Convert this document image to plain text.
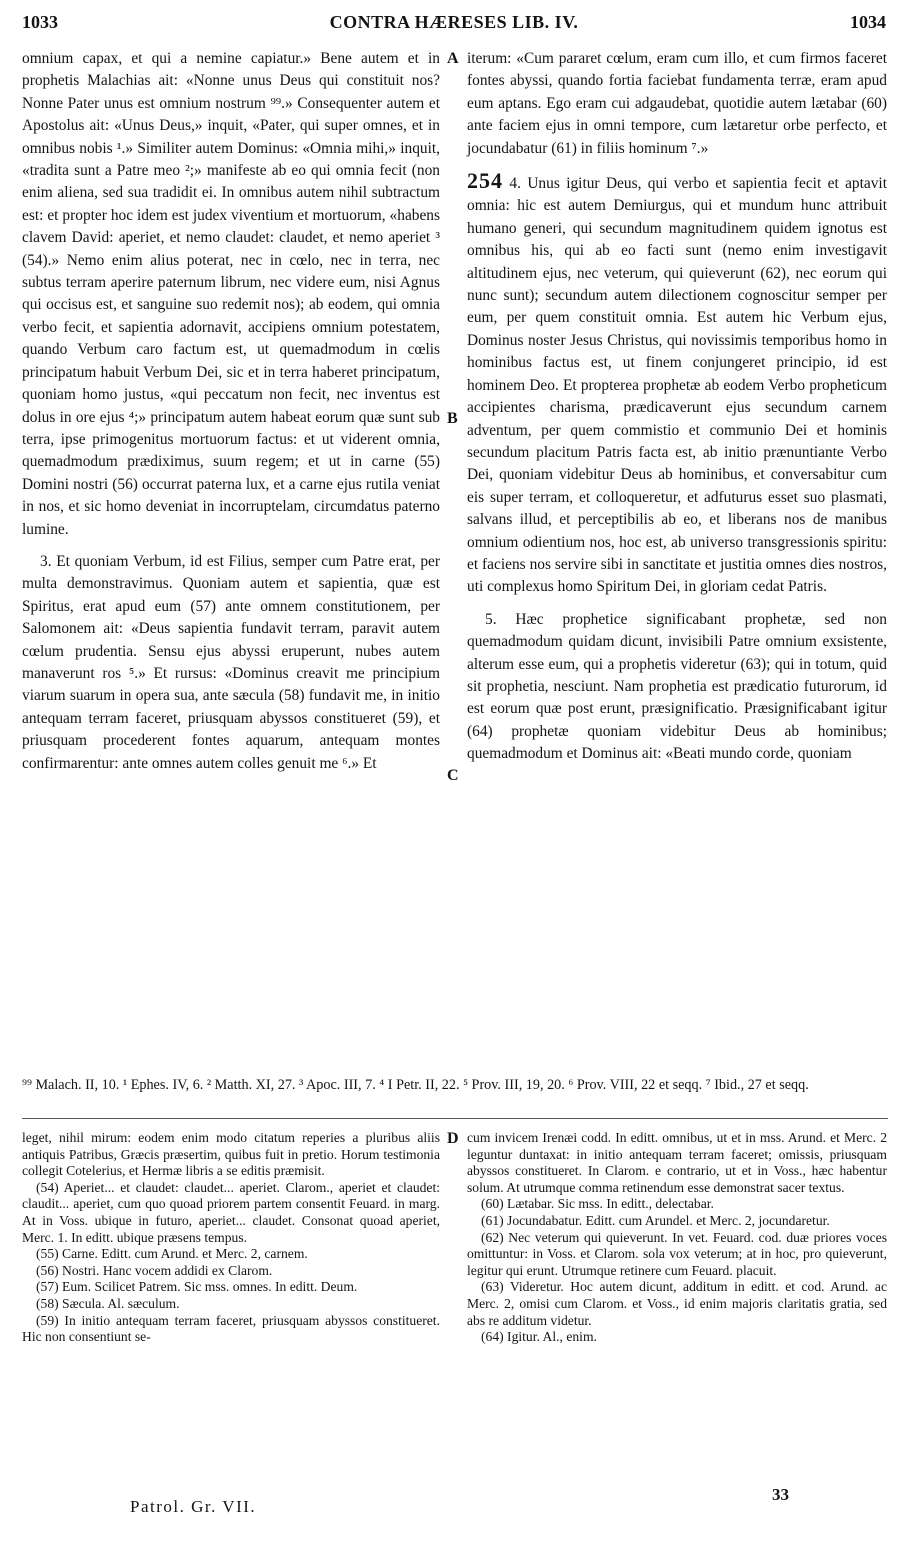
1033	CONTRA HÆRESES LIB. IV.	1034

omnium capax, et qui a nemine capiatur.» Bene autem et in prophetis Malachias ait: «Nonne unus Deus qui constituit nos? Nonne Pater unus est omnium nostrum ⁹⁹.» Consequenter autem et Apostolus ait: «Unus Deus,» inquit, «Pater, qui super omnes, et in omnibus nobis ¹.» Similiter autem Dominus: «Omnia mihi,» inquit, «tradita sunt a Patre meo ²;» manifeste ab eo qui omnia fecit (non enim aliena, sed sua tradidit ei. In omnibus autem nihil subtractum est: et propter hoc idem est judex viventium et mortuorum, «habens clavem David: aperiet, et nemo claudet: claudet, et nemo aperiet ³ (54).» Nemo enim alius poterat, nec in cœlo, nec in terra, nec subtus terram aperire paternum librum, nec videre eum, nisi Agnus qui occisus est, et sanguine suo redemit nos); ab eodem, qui omnia verbo fecit, et sapientia adornavit, accipiens omnium potestatem, quando Verbum caro factum est, ut quemadmodum in cœlis principatum habuit Verbum Dei, sic et in terra haberet principatum, quoniam homo justus, «qui peccatum non fecit, nec inventus est dolus in ore ejus ⁴;» principatum autem habeat eorum quæ sunt sub terra, ipse primogenitus mortuorum factus: et ut viderent omnia, quemadmodum prædiximus, suum regem; et ut in carne (55) Domini nostri (56) occurrat paterna lux, et a carne ejus rutila veniat in nos, et sic homo deveniat in incorruptelam, circumdatus paterno lumine.

3. Et quoniam Verbum, id est Filius, semper cum Patre erat, per multa demonstravimus. Quoniam autem et sapientia, quæ est Spiritus, erat apud eum (57) ante omnem constitutionem, per Salomonem ait: «Deus sapientia fundavit terram, paravit autem cœlum prudentia. Sensu ejus abyssi eruperunt, nubes autem manaverunt ros ⁵.» Et rursus: «Dominus creavit me principium viarum suarum in opera sua, ante sæcula (58) fundavit me, in initio antequam terram faceret, priusquam abyssos constitueret (59), et priusquam procederent fontes aquarum, antequam montes confirmarentur: ante omnes autem colles genuit me ⁶.» Et

A
B
C
D

iterum: «Cum pararet cœlum, eram cum illo, et cum firmos faceret fontes abyssi, quando fortia faciebat fundamenta terræ, eram apud eum aptans. Ego eram cui adgaudebat, quotidie autem lætabar (60) ante faciem ejus in omni tempore, cum lætaretur orbe perfecto, et jocundabatur (61) in filiis hominum ⁷.»

254 4. Unus igitur Deus, qui verbo et sapientia fecit et aptavit omnia: hic est autem Demiurgus, qui et mundum hunc attribuit humano generi, qui secundum magnitudinem quidem ignotus est omnibus his, qui ab eo facti sunt (nemo enim investigavit altitudinem ejus, nec veterum, qui quieverunt (62), nec eorum qui nunc sunt); secundum autem dilectionem cognoscitur semper per eum, per quem constituit omnia. Est autem hic Verbum ejus, Dominus noster Jesus Christus, qui novissimis temporibus homo in hominibus factus est, ut finem conjungeret principio, id est hominem Deo. Et propterea prophetæ ab eodem Verbo propheticum accipientes charisma, prædicaverunt ejus secundum carnem adventum, per quem commistio et communio Dei et hominis secundum placitum Patris facta est, ab initio prænuntiante Verbo Dei, quoniam videbitur Deus ab hominibus, et conversabitur cum eis super terram, et colloqueretur, et adfuturus esset suo plasmati, salvans illud, et perceptibilis ab eo, et liberans nos de manibus omnium odientium nos, hoc est, ab universo transgressionis spiritu: et faciens nos servire sibi in sanctitate et justitia omnes dies nostros, uti complexus homo Spiritum Dei, in gloriam cedat Patris.

5. Hæc prophetice significabant prophetæ, sed non quemadmodum quidam dicunt, invisibili Patre omnium exsistente, alterum esse eum, qui a prophetis videretur (63); qui in totum, quid sit prophetia, nesciunt. Nam prophetia est prædicatio futurorum, id est eorum quæ post erunt, præsignificatio. Præsignificabant igitur (64) prophetæ quoniam videbitur Deus ab hominibus; quemadmodum et Dominus ait: «Beati mundo corde, quoniam

⁹⁹ Malach. II, 10. ¹ Ephes. IV, 6. ² Matth. XI, 27. ³ Apoc. III, 7. ⁴ I Petr. II, 22. ⁵ Prov. III, 19, 20. ⁶ Prov. VIII, 22 et seqq. ⁷ Ibid., 27 et seqq.

leget, nihil mirum: eodem enim modo citatum reperies a pluribus aliis antiquis Patribus, Græcis præsertim, quibus fuit in pretio. Horum testimonia collegit Cotelerius, et Hermæ libris a se editis præmisit.

(54) Aperiet... et claudet: claudet... aperiet. Clarom., aperiet et claudet: claudit... aperiet, cum quo quoad priorem partem consentit Feuard. in marg. At in Voss. ubique in futuro, aperiet... claudet. Consonat quoad aperiet, Merc. 1. In editt. ubique præsens tempus.

(55) Carne. Editt. cum Arund. et Merc. 2, carnem.

(56) Nostri. Hanc vocem addidi ex Clarom.

(57) Eum. Scilicet Patrem. Sic mss. omnes. In editt. Deum.

(58) Sæcula. Al. sæculum.

(59) In initio antequam terram faceret, priusquam abyssos constitueret. Hic non consentiunt se-

cum invicem Irenæi codd. In editt. omnibus, ut et in mss. Arund. et Merc. 2 leguntur duntaxat: in initio antequam terram faceret; omissis, priusquam abyssos constitueret. In Clarom. e contrario, ut et in Voss., hæc habentur solum. At utrumque comma retinendum esse demonstrat sacer textus.

(60) Lætabar. Sic mss. In editt., delectabar.

(61) Jocundabatur. Editt. cum Arundel. et Merc. 2, jocundaretur.

(62) Nec veterum qui quieverunt. In vet. Feuard. cod. duæ priores voces omittuntur: in Voss. et Clarom. sola vox veterum; at in hoc, pro quieverunt, legitur qui erunt. Utrumque retinere cum Feuard. placuit.

(63) Videretur. Hoc autem dicunt, additum in editt. et cod. Arund. ac Merc. 2, omisi cum Clarom. et Voss., id enim majoris claritatis gratia, sed abs re additum videtur.

(64) Igitur. Al., enim.

Patrol. Gr. VII.
33
